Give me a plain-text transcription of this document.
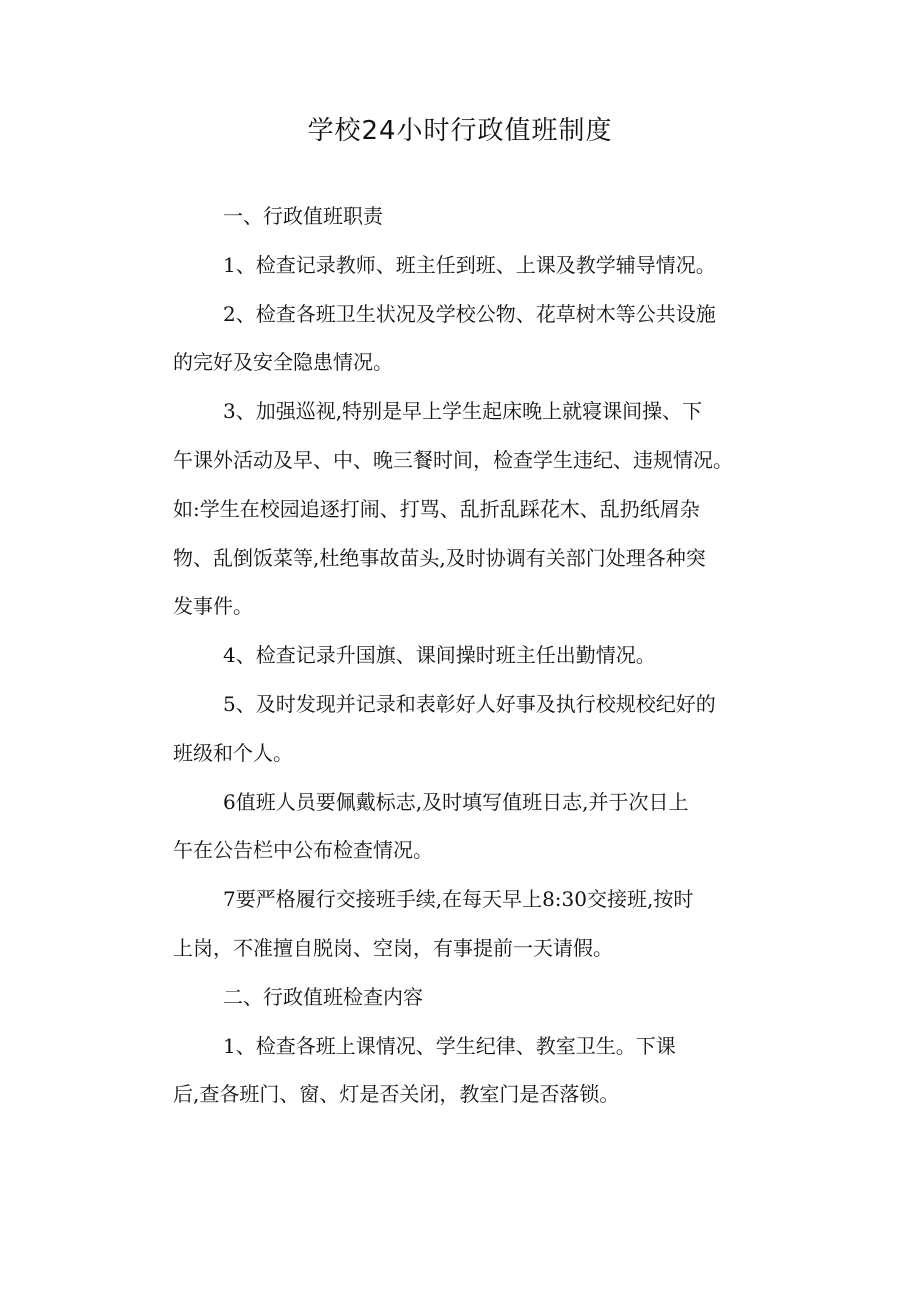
学校24小时行政值班制度
一、行政值班职责
1、检查记录教师、班主任到班、上课及教学辅导情况。
2、检查各班卫生状况及学校公物、花草树木等公共设施
的完好及安全隐患情况。
3、加强巡视,特别是早上学生起床晚上就寝课间操、下
午课外活动及早、中、晚三餐时间，检查学生违纪、违规情况。
如:学生在校园追逐打闹、打骂、乱折乱踩花木、乱扔纸屑杂
物、乱倒饭菜等,杜绝事故苗头,及时协调有关部门处理各种突
发事件。
4、检查记录升国旗、课间操时班主任出勤情况。
5、及时发现并记录和表彰好人好事及执行校规校纪好的
班级和个人。
6值班人员要佩戴标志,及时填写值班日志,并于次日上
午在公告栏中公布检查情况。
7要严格履行交接班手续,在每天早上8:30交接班,按时
上岗，不准擅自脱岗、空岗，有事提前一天请假。
二、行政值班检查内容
1、检查各班上课情况、学生纪律、教室卫生。下课
后,查各班门、窗、灯是否关闭，教室门是否落锁。
